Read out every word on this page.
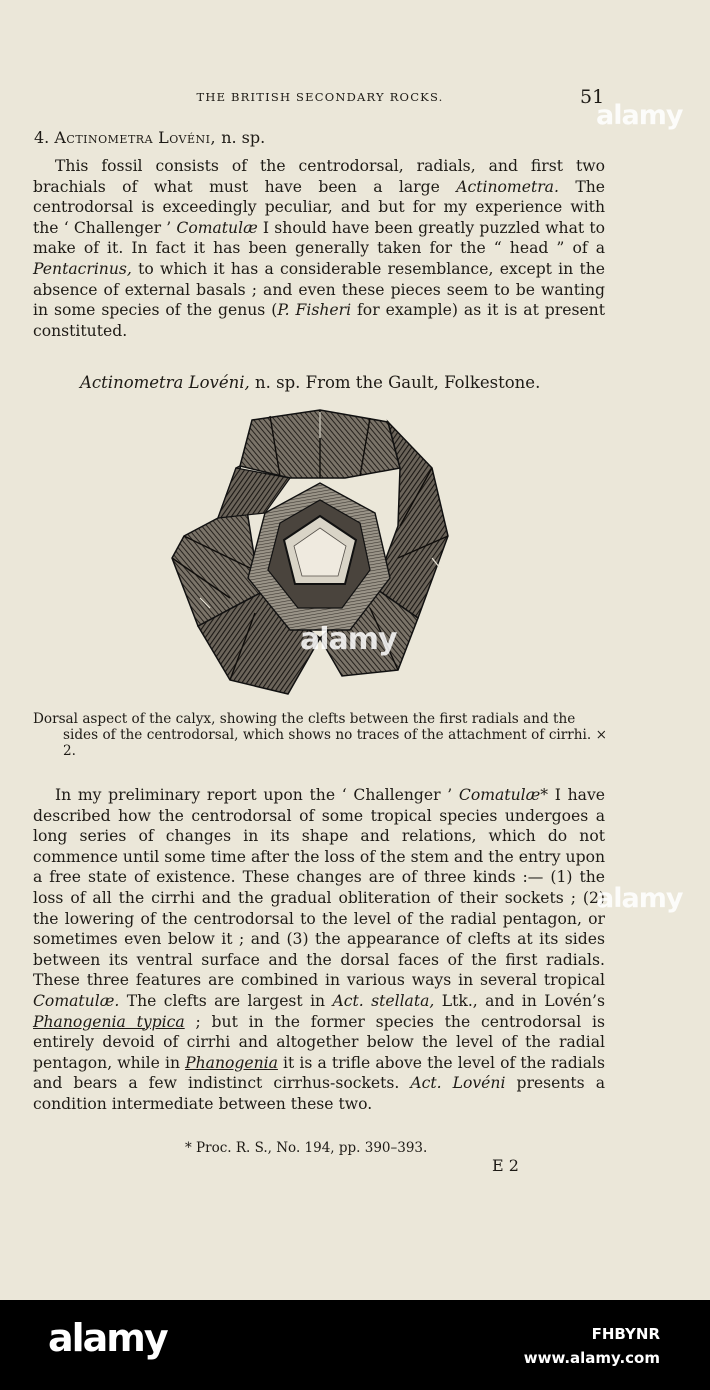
THE BRITISH SECONDARY ROCKS.	51
4. Actinometra Lovéni, n. sp.

This fossil consists of the centrodorsal, radials, and first two brachials of what must have been a large Actinometra. The centrodorsal is exceedingly peculiar, and but for my experience with the ‘ Challenger ’ Comatulæ I should have been greatly puzzled what to make of it. In fact it has been generally taken for the “ head ” of a Pentacrinus, to which it has a considerable resemblance, except in the absence of external basals ; and even these pieces seem to be wanting in some species of the genus (P. Fisheri for example) as it is at present constituted.

Actinometra Lovéni, n. sp. From the Gault, Folkestone.
Dorsal aspect of the calyx, showing the clefts between the first radials and the
sides of the centrodorsal, which shows no traces of the attachment of cirrhi. × 2.

In my preliminary report upon the ‘ Challenger ’ Comatulæ* I have described how the centrodorsal of some tropical species undergoes a long series of changes in its shape and relations, which do not commence until some time after the loss of the stem and the entry upon a free state of existence. These changes are of three kinds :— (1) the loss of all the cirrhi and the gradual obliteration of their sockets ; (2) the lowering of the centrodorsal to the level of the radial pentagon, or sometimes even below it ; and (3) the appearance of clefts at its sides between its ventral surface and the dorsal faces of the first radials. These three features are combined in various ways in several tropical Comatulæ. The clefts are largest in Act. stellata, Ltk., and in Lovén’s Phanogenia typica ; but in the former species the centrodorsal is entirely devoid of cirrhi and altogether below the level of the radial pentagon, while in Phanogenia it is a trifle above the level of the radials and bears a few indistinct cirrhus-sockets. Act. Lovéni presents a condition intermediate between these two.

* Proc. R. S., No. 194, pp. 390–393.
E 2
alamy
alamy
alamy
alamy	FHBYNR
www.alamy.com
